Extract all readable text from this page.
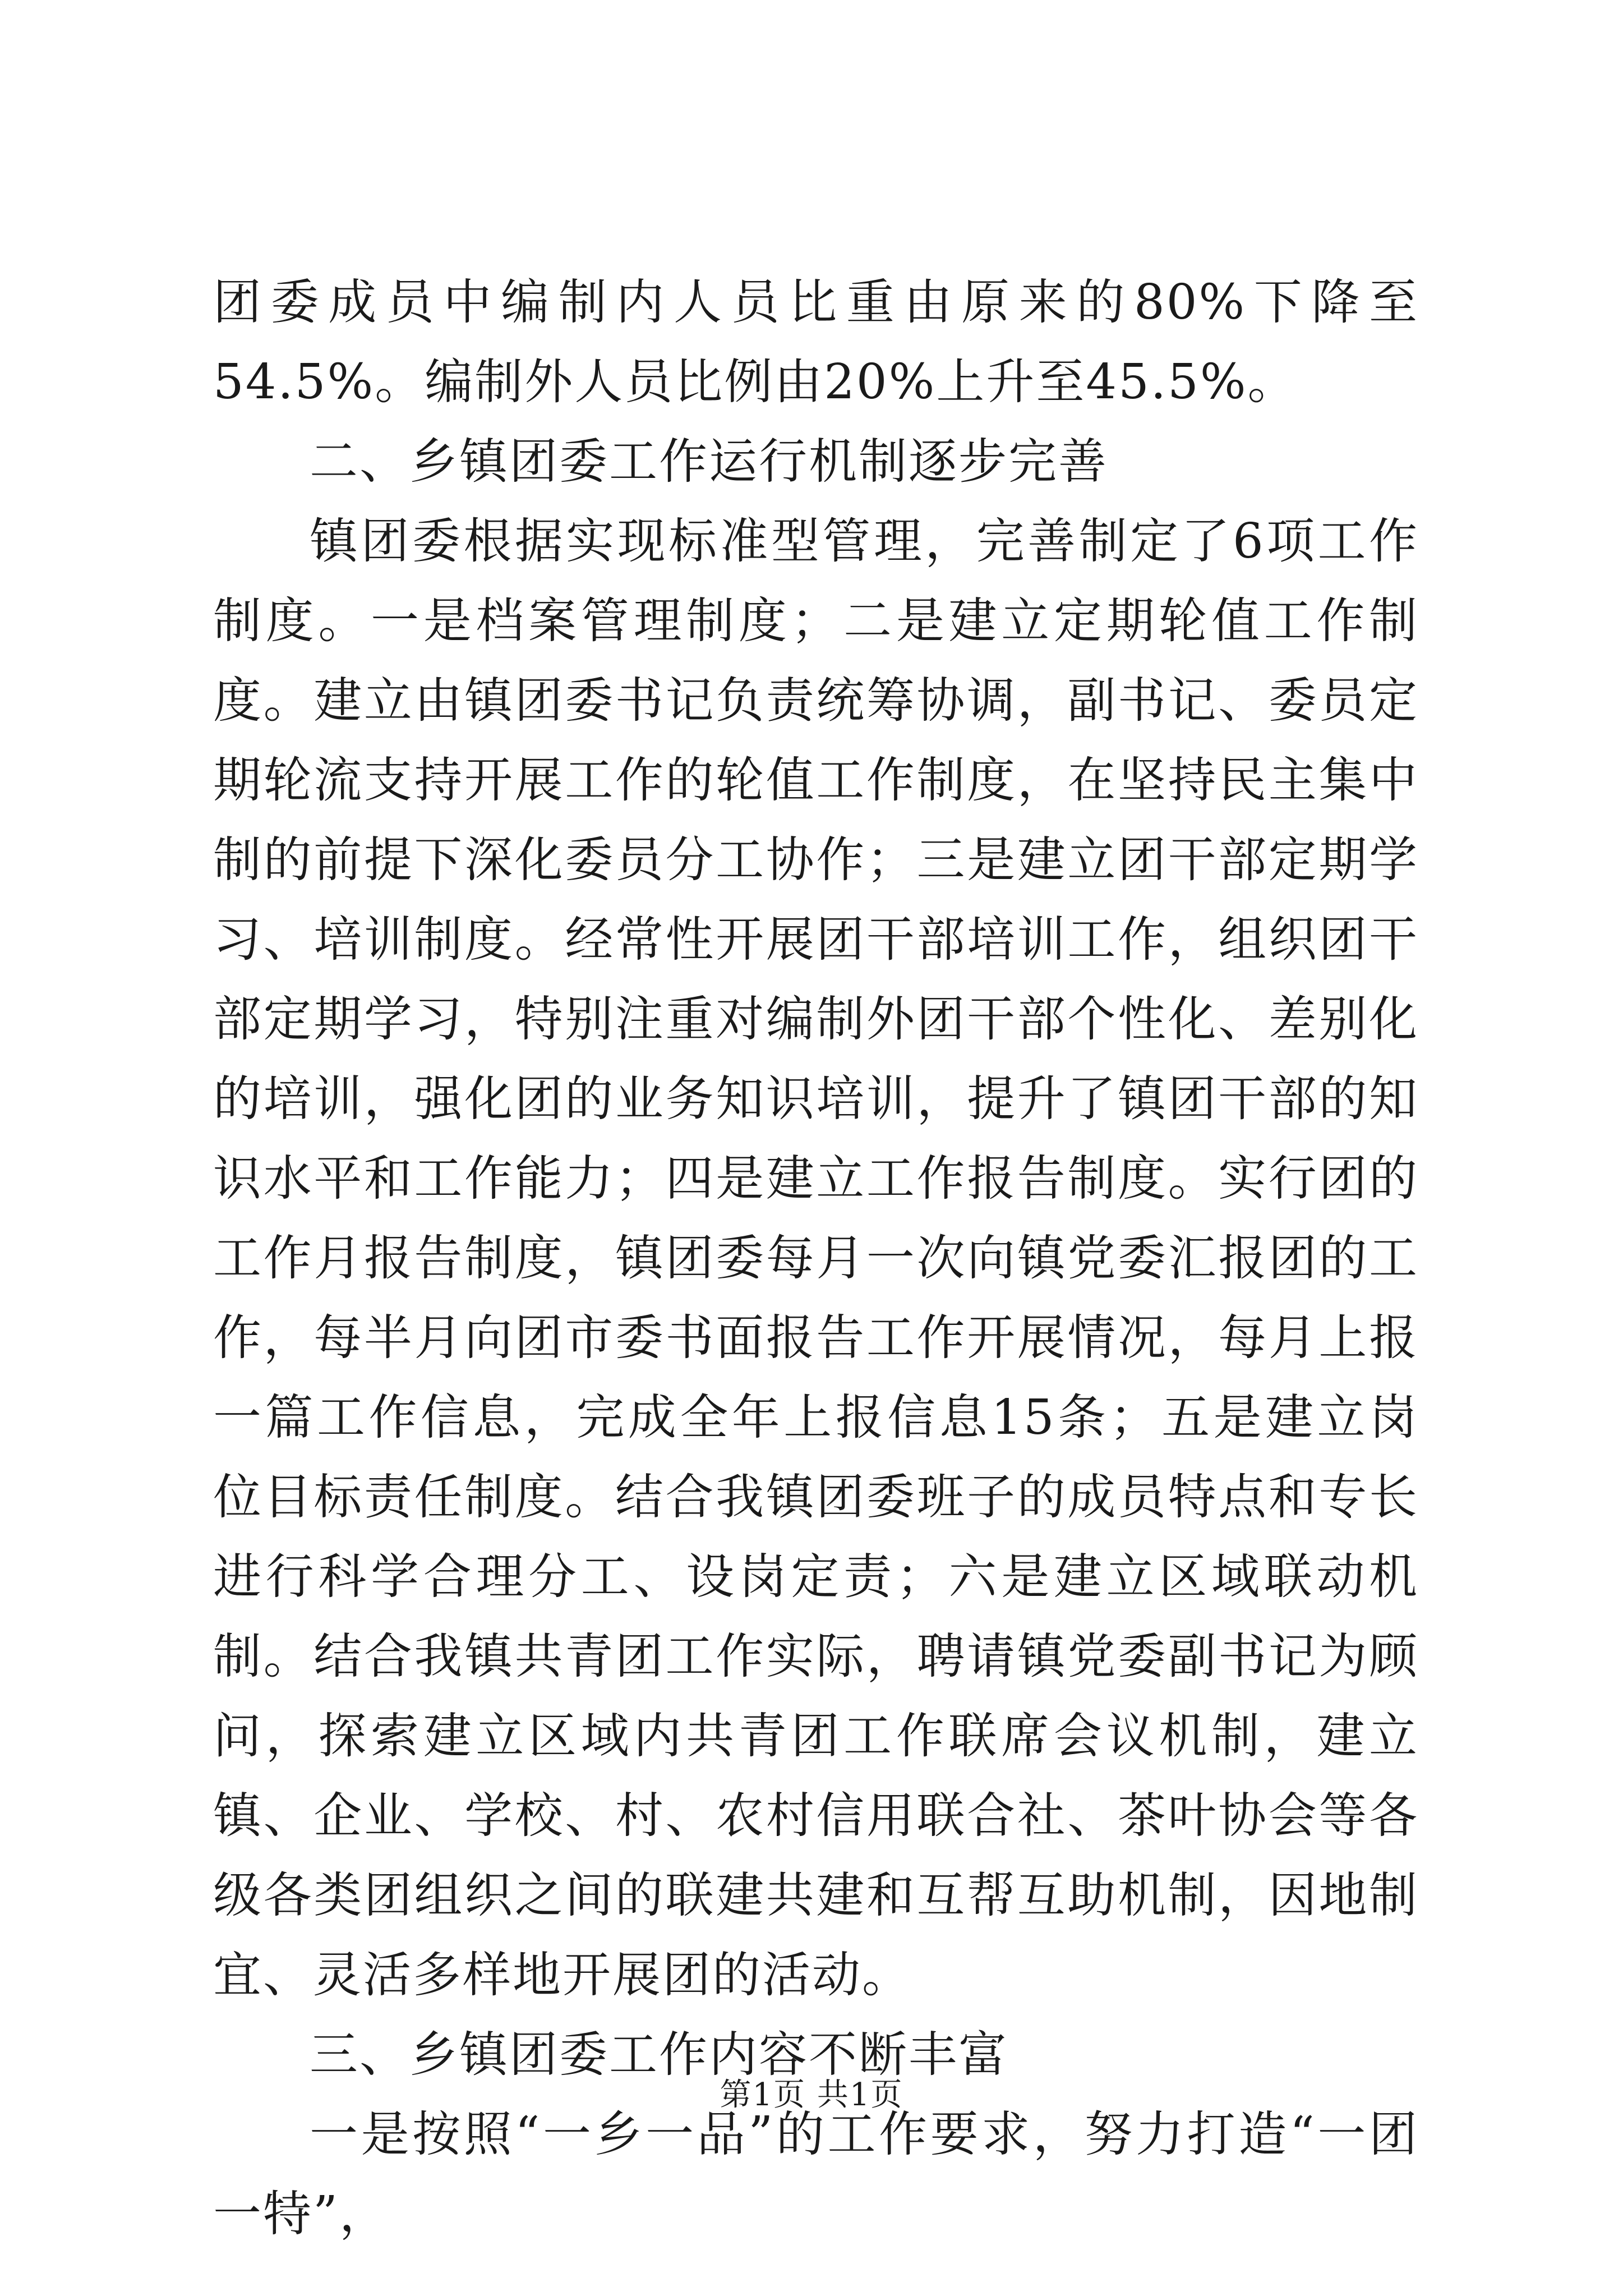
团委成员中编制内人员比重由原来的80%下降至54.5%。编制外人员比例由20%上升至45.5%。

二、乡镇团委工作运行机制逐步完善

镇团委根据实现标准型管理，完善制定了6项工作制度。一是档案管理制度；二是建立定期轮值工作制度。建立由镇团委书记负责统筹协调，副书记、委员定期轮流支持开展工作的轮值工作制度，在坚持民主集中制的前提下深化委员分工协作；三是建立团干部定期学习、培训制度。经常性开展团干部培训工作，组织团干部定期学习，特别注重对编制外团干部个性化、差别化的培训，强化团的业务知识培训，提升了镇团干部的知识水平和工作能力；四是建立工作报告制度。实行团的工作月报告制度，镇团委每月一次向镇党委汇报团的工作，每半月向团市委书面报告工作开展情况，每月上报一篇工作信息，完成全年上报信息15条；五是建立岗位目标责任制度。结合我镇团委班子的成员特点和专长进行科学合理分工、设岗定责；六是建立区域联动机制。结合我镇共青团工作实际，聘请镇党委副书记为顾问，探索建立区域内共青团工作联席会议机制，建立镇、企业、学校、村、农村信用联合社、茶叶协会等各级各类团组织之间的联建共建和互帮互助机制，因地制宜、灵活多样地开展团的活动。

三、乡镇团委工作内容不断丰富

一是按照“一乡一品”的工作要求，努力打造“一团一特”，

第1页 共1页
